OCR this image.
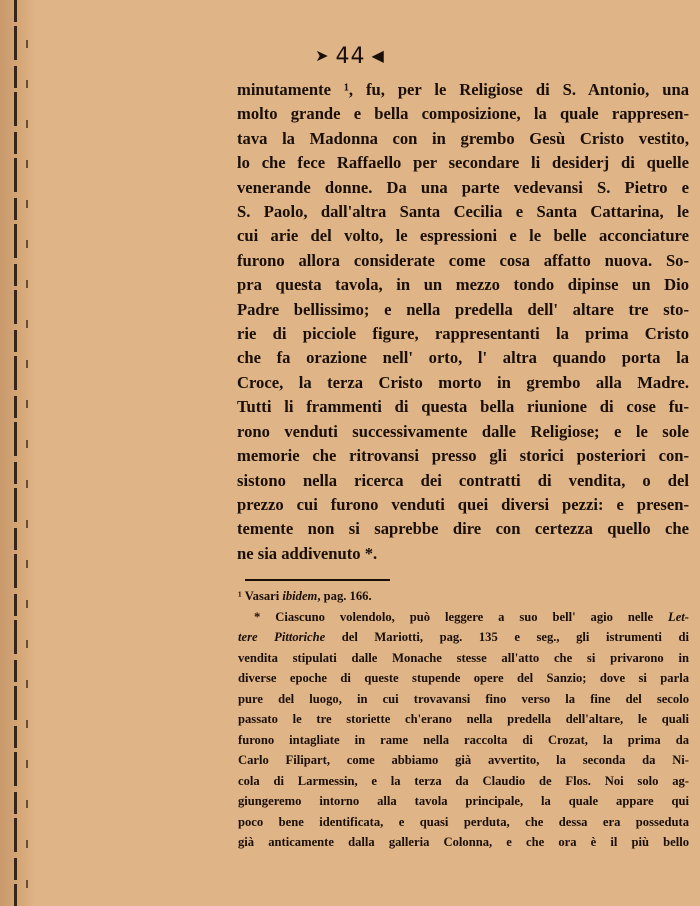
➤ 44 ◀
minutamente ¹, fu, per le Religiose di S. Antonio, una
molto grande e bella composizione, la quale rappresen-
tava la Madonna con in grembo Gesù Cristo vestito,
lo che fece Raffaello per secondare li desiderj di quelle
venerande donne. Da una parte vedevansi S. Pietro e
S. Paolo, dall'altra Santa Cecilia e Santa Cattarina, le
cui arie del volto, le espressioni e le belle acconciature
furono allora considerate come cosa affatto nuova. So-
pra questa tavola, in un mezzo tondo dipinse un Dio
Padre bellissimo; e nella predella dell' altare tre sto-
rie di picciole figure, rappresentanti la prima Cristo
che fa orazione nell' orto, l' altra quando porta la
Croce, la terza Cristo morto in grembo alla Madre.
Tutti li frammenti di questa bella riunione di cose fu-
rono venduti successivamente dalle Religiose; e le sole
memorie che ritrovansi presso gli storici posteriori con-
sistono nella ricerca dei contratti di vendita, o del
prezzo cui furono venduti quei diversi pezzi: e presen-
temente non si saprebbe dire con certezza quello che
ne sia addivenuto *.
¹ Vasari ibidem, pag. 166.
* Ciascuno volendolo, può leggere a suo bell' agio nelle Let-
tere Pittoriche del Mariotti, pag. 135 e seg., gli istrumenti di
vendita stipulati dalle Monache stesse all'atto che si privarono in
diverse epoche di queste stupende opere del Sanzio; dove si parla
pure del luogo, in cui trovavansi fino verso la fine del secolo
passato le tre storiette ch'erano nella predella dell'altare, le quali
furono intagliate in rame nella raccolta di Crozat, la prima da
Carlo Filipart, come abbiamo già avvertito, la seconda da Ni-
cola di Larmessin, e la terza da Claudio de Flos. Noi solo ag-
giungeremo intorno alla tavola principale, la quale appare qui
poco bene identificata, e quasi perduta, che dessa era posseduta
già anticamente dalla galleria Colonna, e che ora è il più bello
